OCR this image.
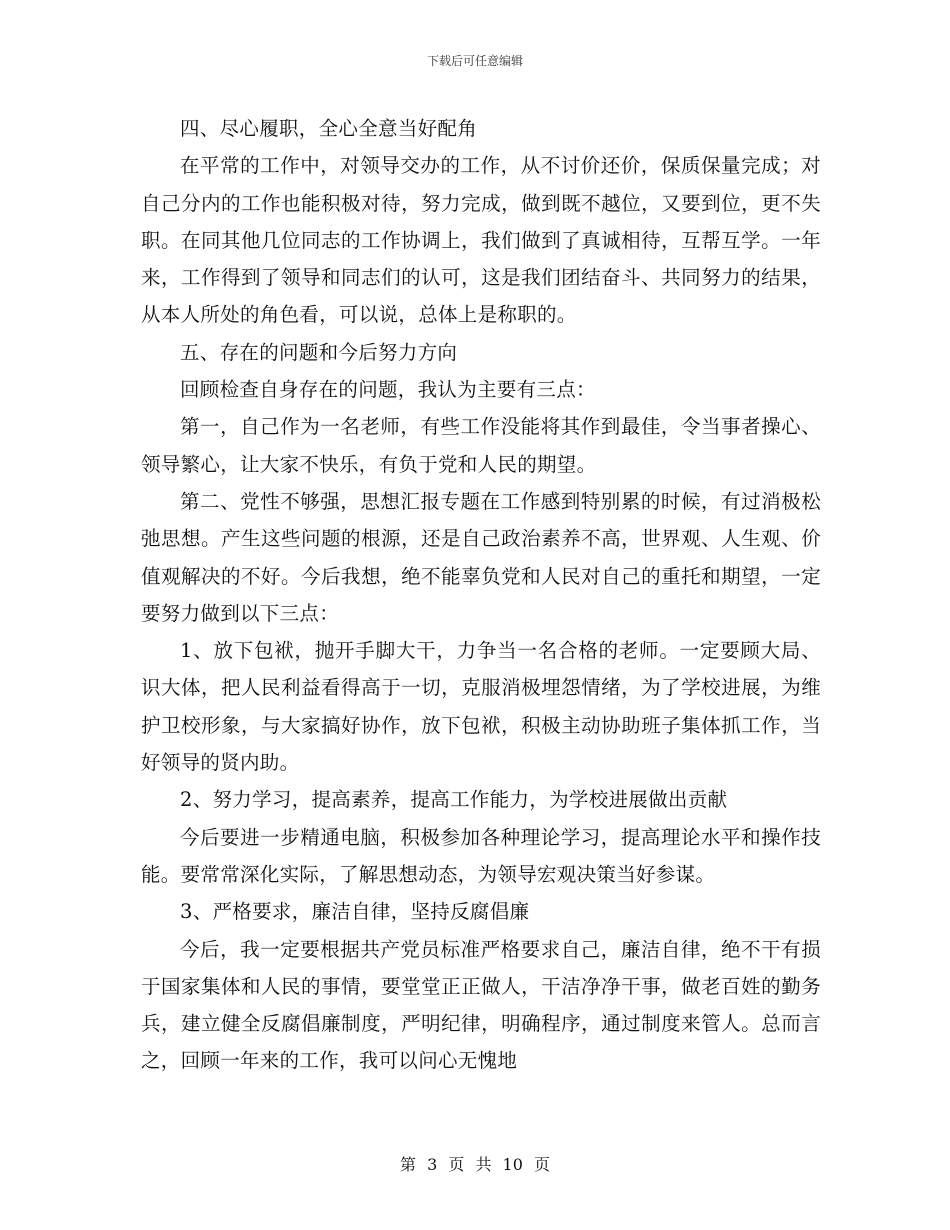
下载后可任意编辑

四、尽心履职，全心全意当好配角

在平常的工作中，对领导交办的工作，从不讨价还价，保质保量完成；对自己分内的工作也能积极对待，努力完成，做到既不越位，又要到位，更不失职。在同其他几位同志的工作协调上，我们做到了真诚相待，互帮互学。一年来，工作得到了领导和同志们的认可，这是我们团结奋斗、共同努力的结果，从本人所处的角色看，可以说，总体上是称职的。

五、存在的问题和今后努力方向

回顾检查自身存在的问题，我认为主要有三点：

第一，自己作为一名老师，有些工作没能将其作到最佳，令当事者操心、领导繁心，让大家不快乐，有负于党和人民的期望。

第二、党性不够强，思想汇报专题在工作感到特别累的时候，有过消极松弛思想。产生这些问题的根源，还是自己政治素养不高，世界观、人生观、价值观解决的不好。今后我想，绝不能辜负党和人民对自己的重托和期望，一定要努力做到以下三点：

1、放下包袱，抛开手脚大干，力争当一名合格的老师。一定要顾大局、识大体，把人民利益看得高于一切，克服消极埋怨情绪，为了学校进展，为维护卫校形象，与大家搞好协作，放下包袱，积极主动协助班子集体抓工作，当好领导的贤内助。

2、努力学习，提高素养，提高工作能力，为学校进展做出贡献

今后要进一步精通电脑，积极参加各种理论学习，提高理论水平和操作技能。要常常深化实际，了解思想动态，为领导宏观决策当好参谋。

3、严格要求，廉洁自律，坚持反腐倡廉

今后，我一定要根据共产党员标准严格要求自己，廉洁自律，绝不干有损于国家集体和人民的事情，要堂堂正正做人，干洁净净干事，做老百姓的勤务兵，建立健全反腐倡廉制度，严明纪律，明确程序，通过制度来管人。总而言之，回顾一年来的工作，我可以问心无愧地

第 3 页 共 10 页
